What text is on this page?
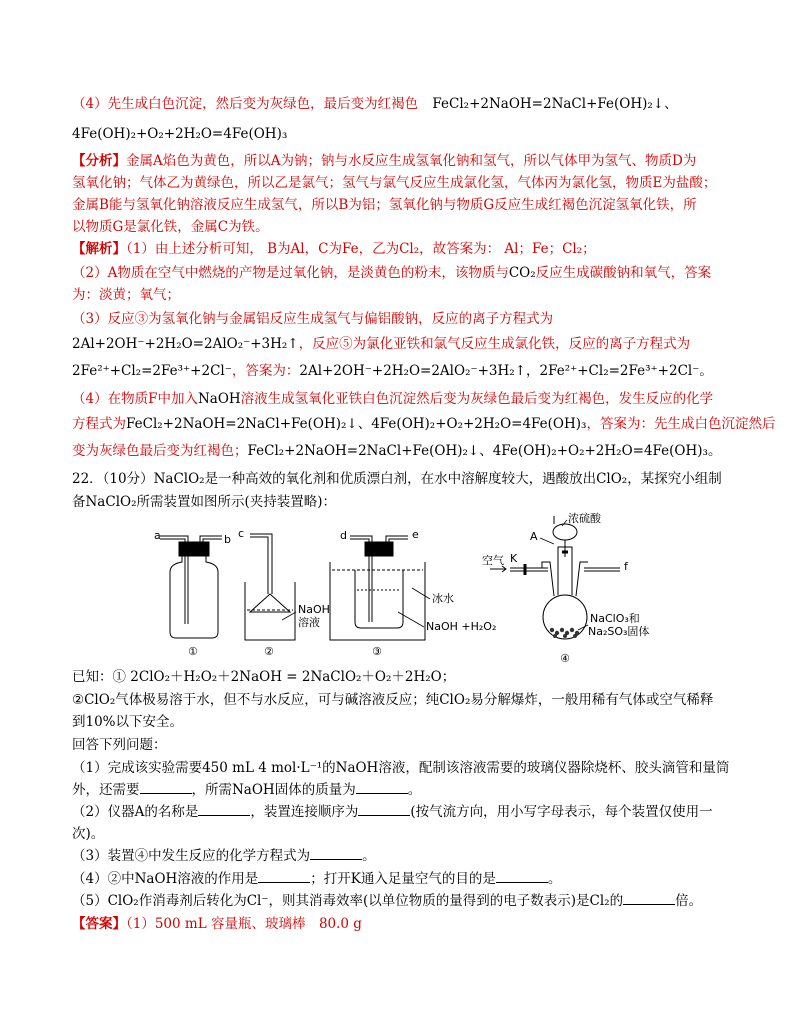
（4）先生成白色沉淀，然后变为灰绿色，最后变为红褐色 FeCl₂+2NaOH=2NaCl+Fe(OH)₂↓、
4Fe(OH)₂+O₂+2H₂O=4Fe(OH)₃
【分析】金属A焰色为黄色，所以A为钠；钠与水反应生成氢氧化钠和氢气，所以气体甲为氢气、物质D为
氢氧化钠；气体乙为黄绿色，所以乙是氯气；氢气与氯气反应生成氯化氢，气体丙为氯化氢，物质E为盐酸；
金属B能与氢氧化钠溶液反应生成氢气，所以B为铝；氢氧化钠与物质G反应生成红褐色沉淀氢氧化铁，所
以物质G是氯化铁，金属C为铁。
【解析】（1）由上述分析可知， B为Al，C为Fe，乙为Cl₂，故答案为： Al；Fe；Cl₂；
（2）A物质在空气中燃烧的产物是过氧化钠，是淡黄色的粉末，该物质与CO₂反应生成碳酸钠和氧气，答案
为：淡黄；氧气；
（3）反应③为氢氧化钠与金属铝反应生成氢气与偏铝酸钠，反应的离子方程式为
2Al+2OH⁻+2H₂O=2AlO₂⁻+3H₂↑，反应⑤为氯化亚铁和氯气反应生成氯化铁，反应的离子方程式为
2Fe²⁺+Cl₂=2Fe³⁺+2Cl⁻，答案为：2Al+2OH⁻+2H₂O=2AlO₂⁻+3H₂↑，2Fe²⁺+Cl₂=2Fe³⁺+2Cl⁻。
（4）在物质F中加入NaOH溶液生成氢氧化亚铁白色沉淀然后变为灰绿色最后变为红褐色，发生反应的化学
方程式为FeCl₂+2NaOH=2NaCl+Fe(OH)₂↓、4Fe(OH)₂+O₂+2H₂O=4Fe(OH)₃，答案为：先生成白色沉淀然后
变为灰绿色最后变为红褐色；FeCl₂+2NaOH=2NaCl+Fe(OH)₂↓、4Fe(OH)₂+O₂+2H₂O=4Fe(OH)₃。
22．（10分）NaClO₂是一种高效的氧化剂和优质漂白剂，在水中溶解度较大，遇酸放出ClO₂，某探究小组制
备NaClO₂所需装置如图所示(夹持装置略)：
a	b c	d	e
f
K
A
空气
浓硫酸
NaOH
溶液
冰水
NaOH +H₂O₂
NaClO₃和
Na₂SO₃固体
①	②	③
④
已知：① 2ClO₂＋H₂O₂＋2NaOH = 2NaClO₂＋O₂＋2H₂O；
②ClO₂气体极易溶于水，但不与水反应，可与碱溶液反应；纯ClO₂易分解爆炸，一般用稀有气体或空气稀释
到10%以下安全。
回答下列问题：
（1）完成该实验需要450 mL 4 mol·L⁻¹的NaOH溶液，配制该溶液需要的玻璃仪器除烧杯、胶头滴管和量筒
外，还需要	，所需NaOH固体的质量为	。
（2）仪器A的名称是	，装置连接顺序为	(按气流方向，用小写字母表示，每个装置仅使用一
次)。
（3）装置④中发生反应的化学方程式为	。
（4）②中NaOH溶液的作用是	；打开K通入足量空气的目的是	。
（5）ClO₂作消毒剂后转化为Cl⁻，则其消毒效率(以单位物质的量得到的电子数表示)是Cl₂的	倍。
【答案】（1）500 mL 容量瓶、玻璃棒　80.0 g
